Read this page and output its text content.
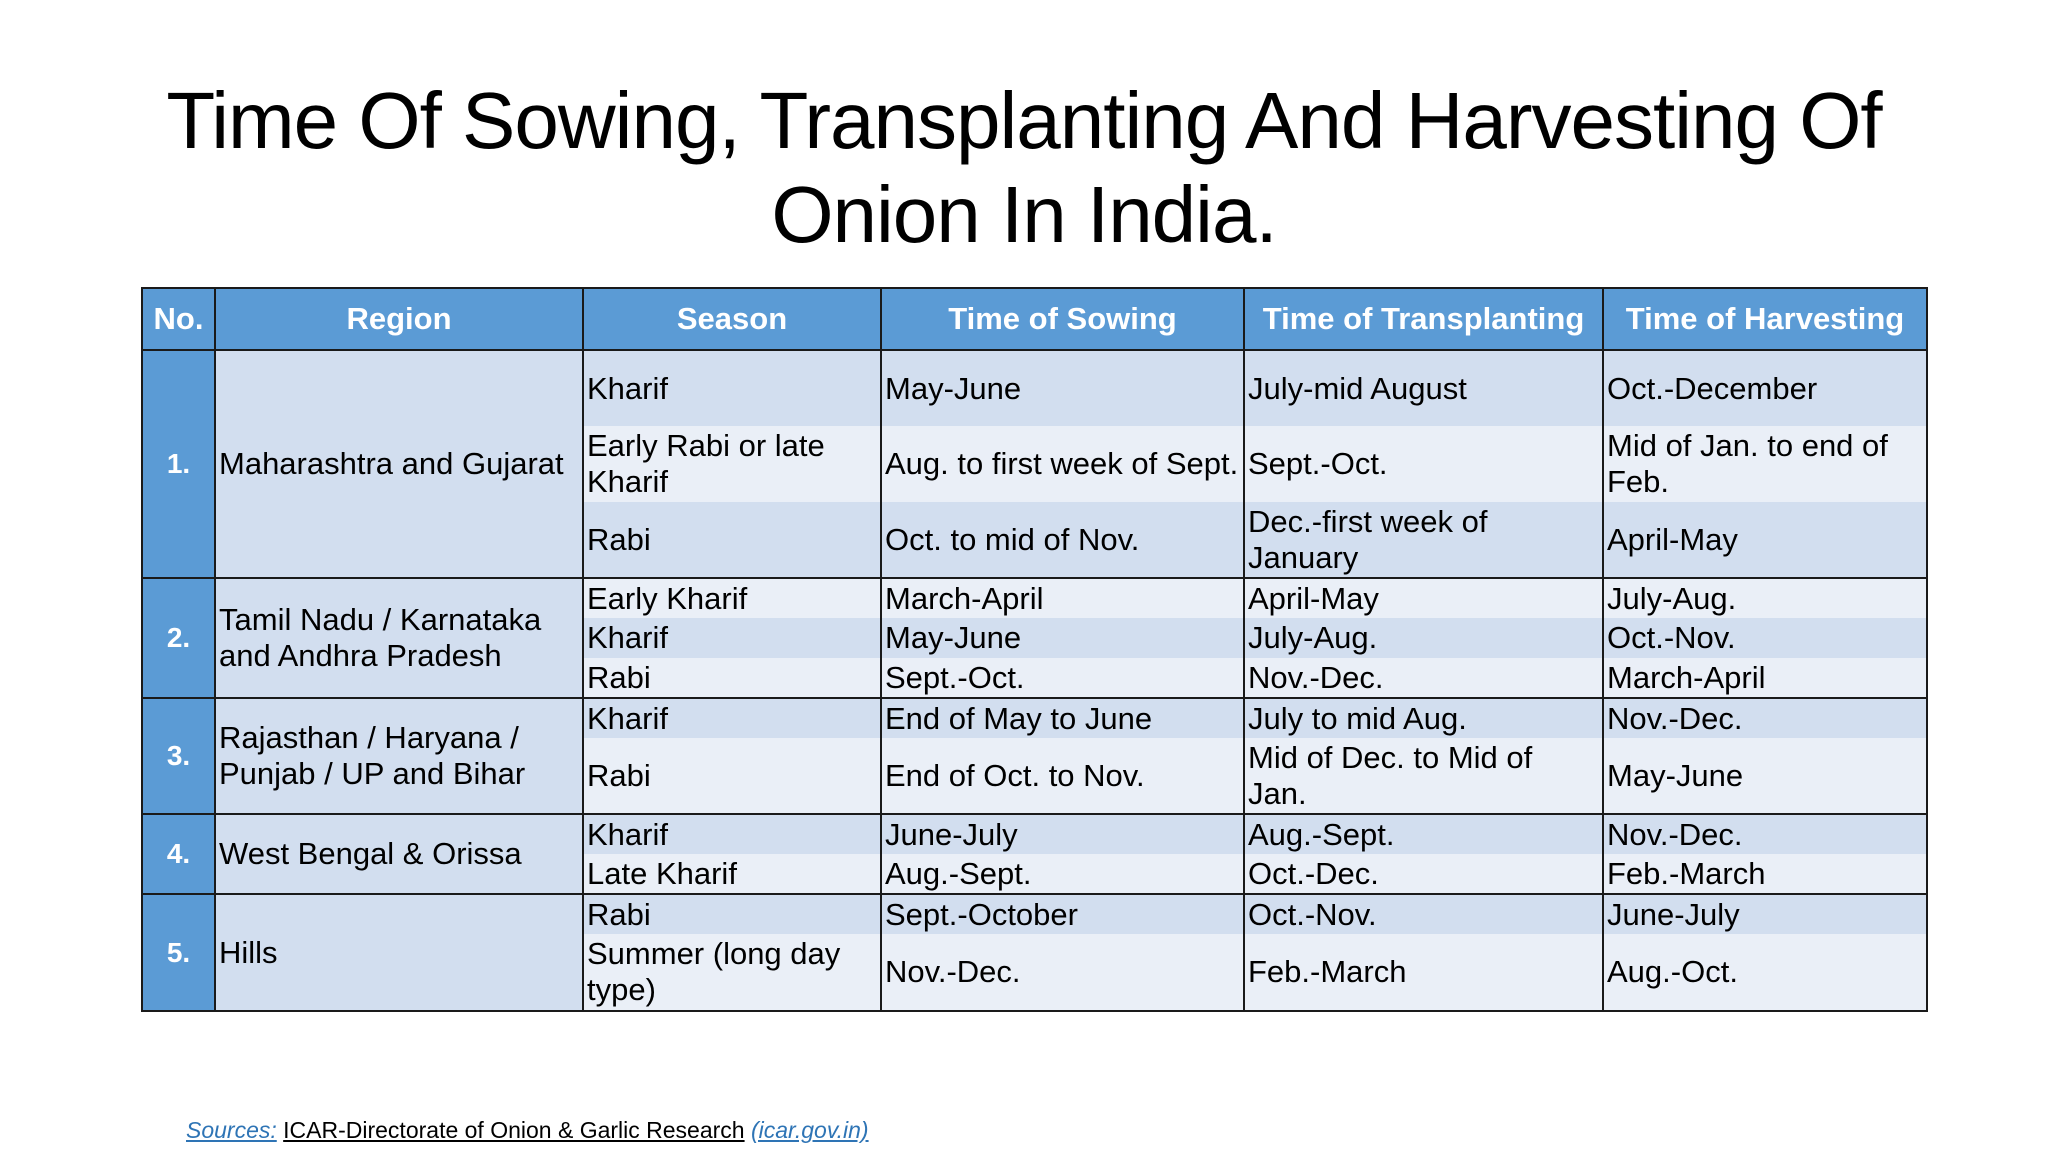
Time Of Sowing, Transplanting And Harvesting Of
Onion In India.
No.	Region	Season	Time of Sowing	Time of Transplanting	Time of Harvesting
1.	Maharashtra and Gujarat	Kharif	May-June	July-mid August	Oct.-December
		Early Rabi or late Kharif	Aug. to first week of Sept.	Sept.-Oct.	Mid of Jan. to end of Feb.
		Rabi	Oct. to mid of Nov.	Dec.-first week of January	April-May
2.	Tamil Nadu / Karnataka and Andhra Pradesh	Early Kharif	March-April	April-May	July-Aug.
		Kharif	May-June	July-Aug.	Oct.-Nov.
		Rabi	Sept.-Oct.	Nov.-Dec.	March-April
3.	Rajasthan / Haryana / Punjab / UP and Bihar	Kharif	End of May to June	July to mid Aug.	Nov.-Dec.
		Rabi	End of Oct. to Nov.	Mid of Dec. to Mid of Jan.	May-June
4.	West Bengal & Orissa	Kharif	June-July	Aug.-Sept.	Nov.-Dec.
		Late Kharif	Aug.-Sept.	Oct.-Dec.	Feb.-March
5.	Hills	Rabi	Sept.-October	Oct.-Nov.	June-July
		Summer (long day type)	Nov.-Dec.	Feb.-March	Aug.-Oct.
Sources: ICAR-Directorate of Onion & Garlic Research (icar.gov.in)
